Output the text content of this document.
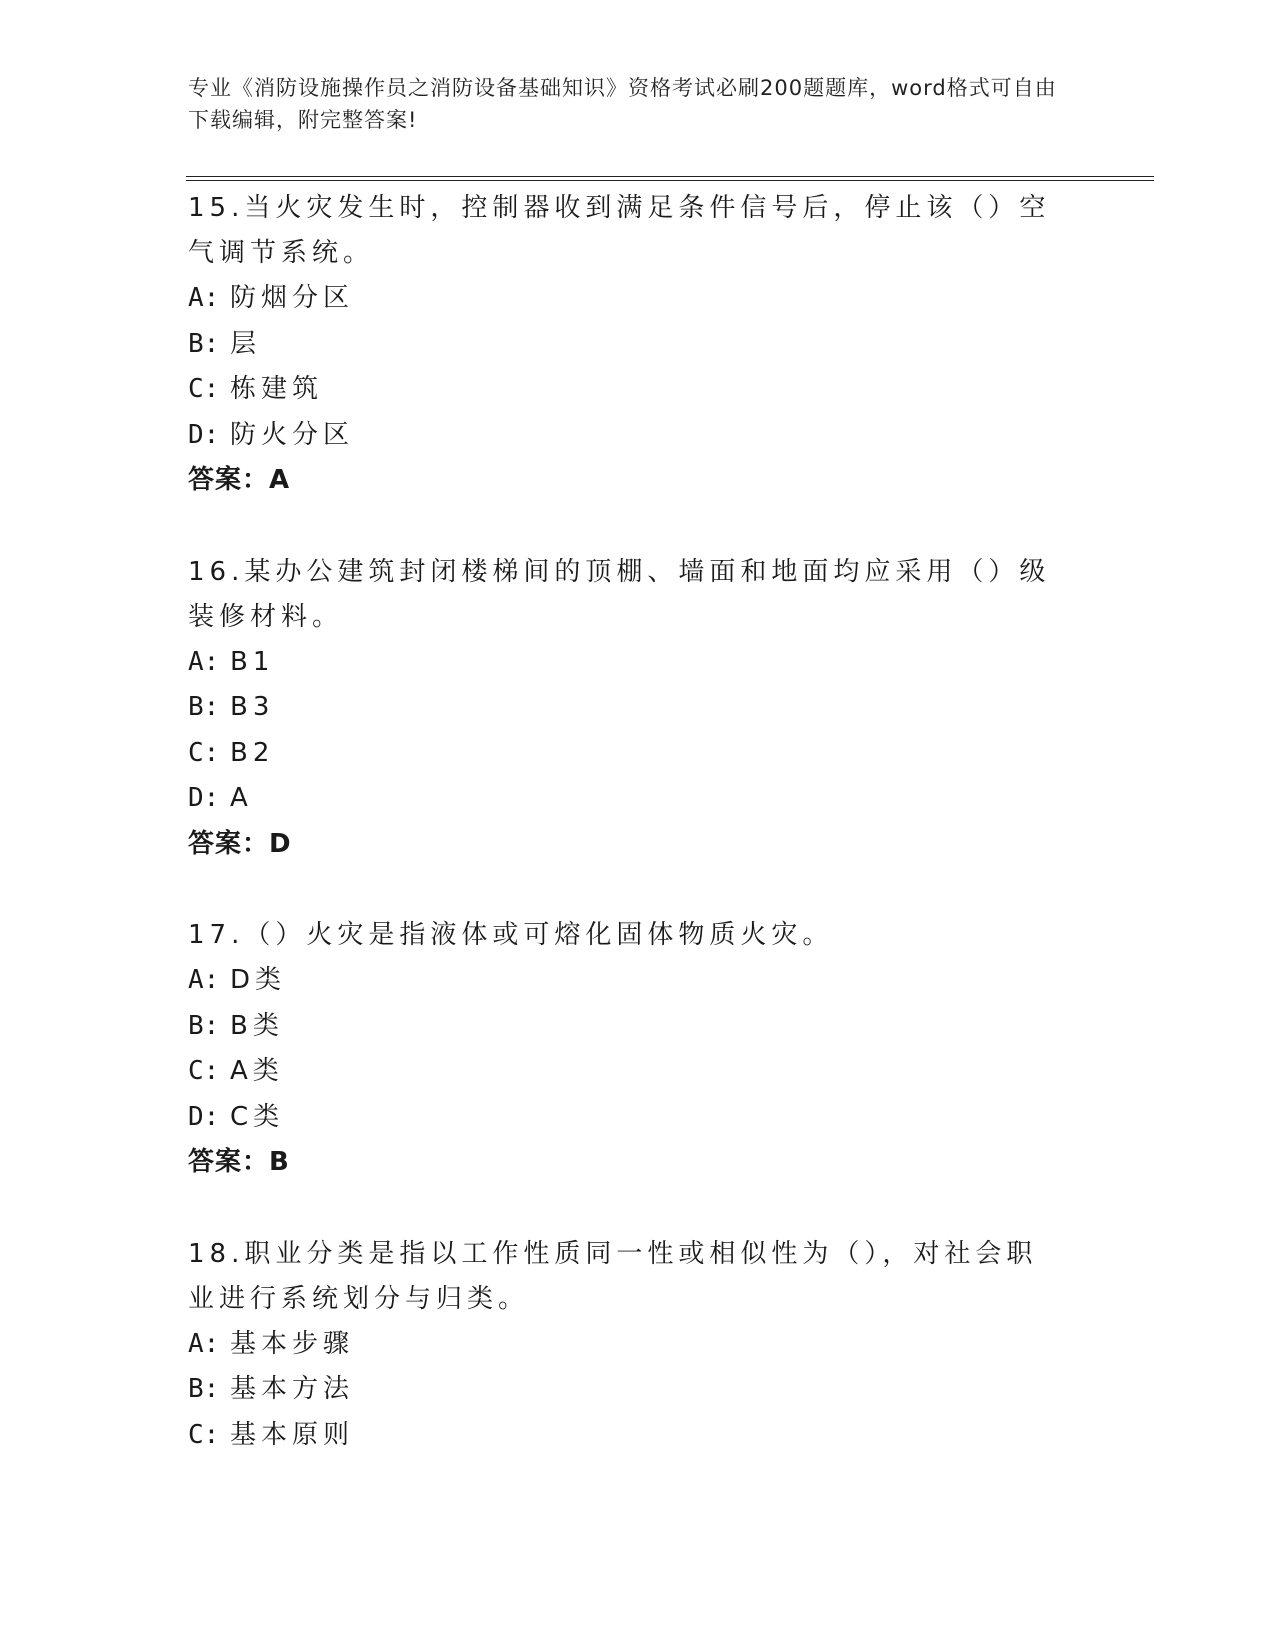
专业《消防设施操作员之消防设备基础知识》资格考试必刷200题题库，word格式可自由下载编辑，附完整答案!
15.当火灾发生时，控制器收到满足条件信号后，停止该（）空气调节系统。
A: 防烟分区
B: 层
C: 栋建筑
D: 防火分区
答案：A
16.某办公建筑封闭楼梯间的顶棚、墙面和地面均应采用（）级装修材料。
A: B1
B: B3
C: B2
D: A
答案：D
17.（）火灾是指液体或可熔化固体物质火灾。
A: D类
B: B类
C: A类
D: C类
答案：B
18.职业分类是指以工作性质同一性或相似性为（），对社会职业进行系统划分与归类。
A: 基本步骤
B: 基本方法
C: 基本原则
